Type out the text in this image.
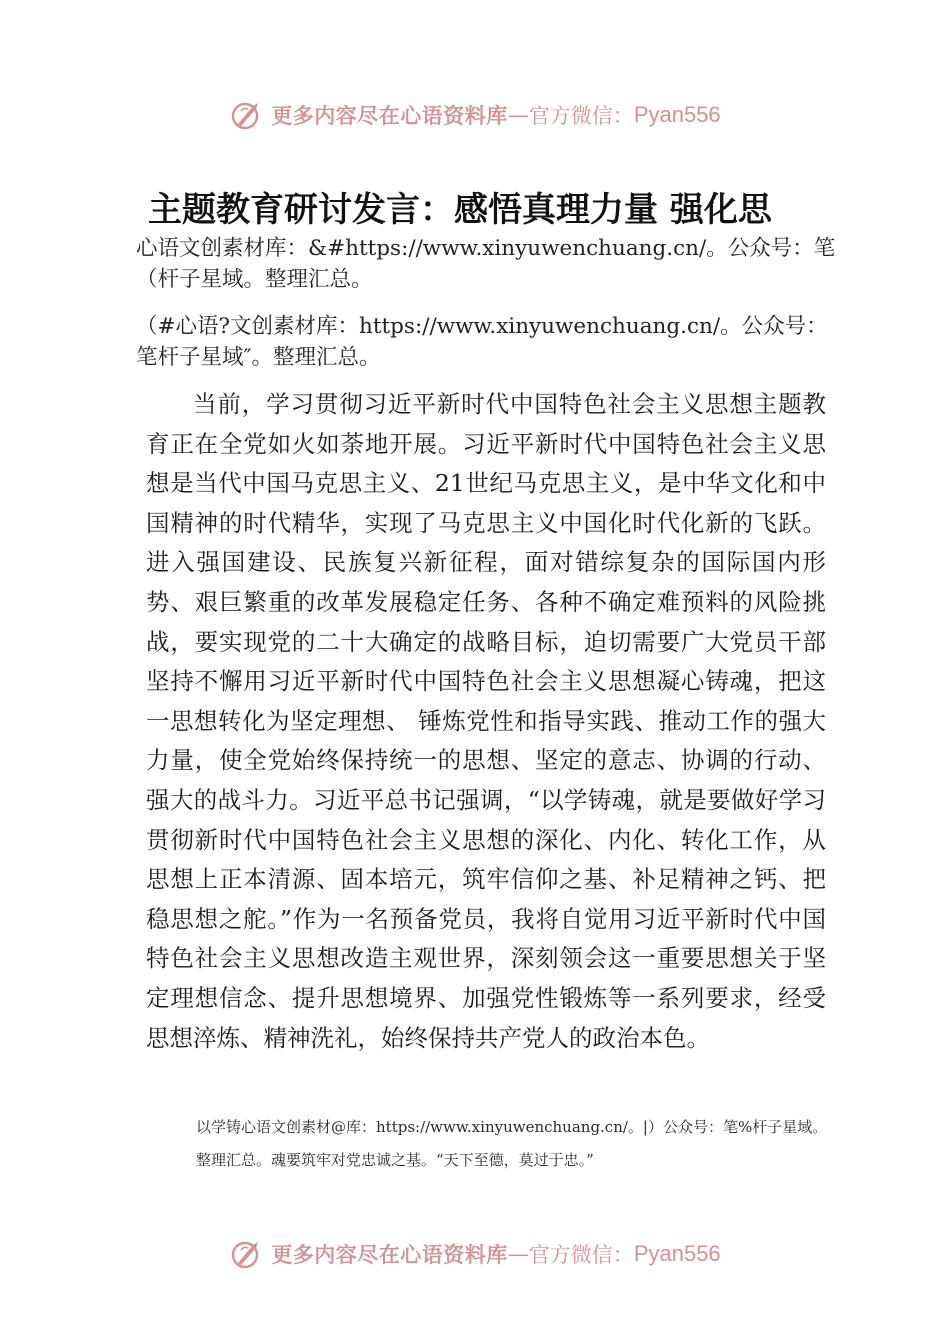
更多内容尽在心语资料库 — 官方微信： Pyan556
主题教育研讨发言：感悟真理力量 强化思
心语文创素材库：&#https://www.xinyuwenchuang.cn/。公众号：笔（杆子星域。整理汇总。
（#心语?文创素材库：https://www.xinyuwenchuang.cn/。公众号：笔杆子星域″。整理汇总。
当前，学习贯彻习近平新时代中国特色社会主义思想主题教育正在全党如火如荼地开展。习近平新时代中国特色社会主义思想是当代中国马克思主义、21世纪马克思主义，是中华文化和中国精神的时代精华，实现了马克思主义中国化时代化新的飞跃。进入强国建设、民族复兴新征程，面对错综复杂的国际国内形势、艰巨繁重的改革发展稳定任务、各种不确定难预料的风险挑战，要实现党的二十大确定的战略目标，迫切需要广大党员干部坚持不懈用习近平新时代中国特色社会主义思想凝心铸魂，把这一思想转化为坚定理想、 锤炼党性和指导实践、推动工作的强大力量，使全党始终保持统一的思想、坚定的意志、协调的行动、强大的战斗力。习近平总书记强调，“以学铸魂，就是要做好学习贯彻新时代中国特色社会主义思想的深化、内化、转化工作，从思想上正本清源、固本培元，筑牢信仰之基、补足精神之钙、把稳思想之舵。”作为一名预备党员，我将自觉用习近平新时代中国特色社会主义思想改造主观世界，深刻领会这一重要思想关于坚定理想信念、提升思想境界、加强党性锻炼等一系列要求，经受思想淬炼、精神洗礼，始终保持共产党人的政治本色。
以学铸心语文创素材@库：https://www.xinyuwenchuang.cn/。|）公众号：笔%杆子星域。整理汇总。魂要筑牢对党忠诚之基。“天下至德，莫过于忠。”
更多内容尽在心语资料库 — 官方微信： Pyan556
